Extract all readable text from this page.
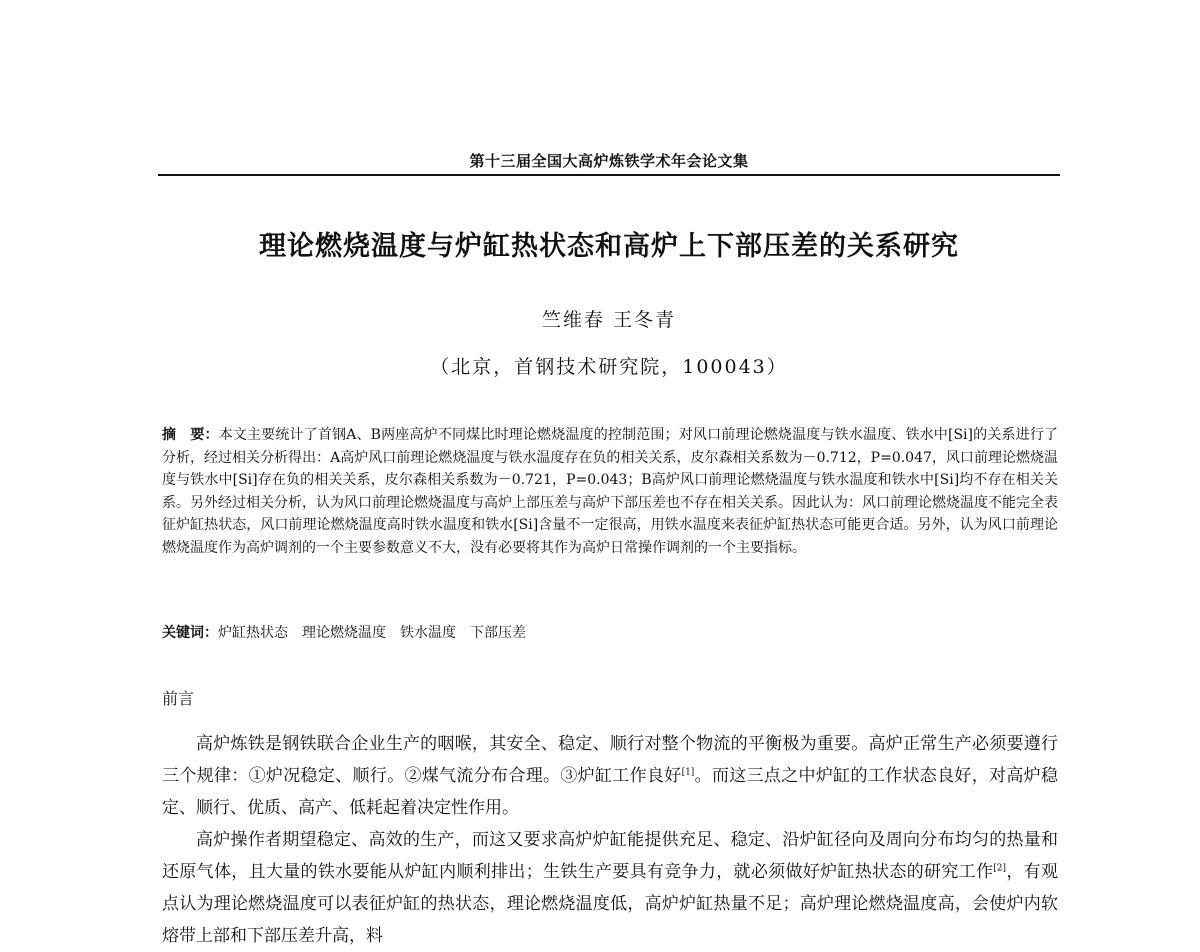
第十三届全国大高炉炼铁学术年会论文集
理论燃烧温度与炉缸热状态和高炉上下部压差的关系研究
竺维春 王冬青
（北京，首钢技术研究院，100043）
摘　要：本文主要统计了首钢A、B两座高炉不同煤比时理论燃烧温度的控制范围；对风口前理论燃烧温度与铁水温度、铁水中[Si]的关系进行了分析，经过相关分析得出：A高炉风口前理论燃烧温度与铁水温度存在负的相关关系，皮尔森相关系数为－0.712，P=0.047，风口前理论燃烧温度与铁水中[Si]存在负的相关关系，皮尔森相关系数为－0.721，P=0.043；B高炉风口前理论燃烧温度与铁水温度和铁水中[Si]均不存在相关关系。另外经过相关分析，认为风口前理论燃烧温度与高炉上部压差与高炉下部压差也不存在相关关系。因此认为：风口前理论燃烧温度不能完全表征炉缸热状态，风口前理论燃烧温度高时铁水温度和铁水[Si]含量不一定很高，用铁水温度来表征炉缸热状态可能更合适。另外，认为风口前理论燃烧温度作为高炉调剂的一个主要参数意义不大，没有必要将其作为高炉日常操作调剂的一个主要指标。
关键词：炉缸热状态　理论燃烧温度　铁水温度　下部压差
前言

高炉炼铁是钢铁联合企业生产的咽喉，其安全、稳定、顺行对整个物流的平衡极为重要。高炉正常生产必须要遵行三个规律：①炉况稳定、顺行。②煤气流分布合理。③炉缸工作良好[1]。而这三点之中炉缸的工作状态良好，对高炉稳定、顺行、优质、高产、低耗起着决定性作用。

高炉操作者期望稳定、高效的生产，而这又要求高炉炉缸能提供充足、稳定、沿炉缸径向及周向分布均匀的热量和还原气体，且大量的铁水要能从炉缸内顺利排出；生铁生产要具有竞争力，就必须做好炉缸热状态的研究工作[2]，有观点认为理论燃烧温度可以表征炉缸的热状态，理论燃烧温度低，高炉炉缸热量不足；高炉理论燃烧温度高，会使炉内软熔带上部和下部压差升高，料
